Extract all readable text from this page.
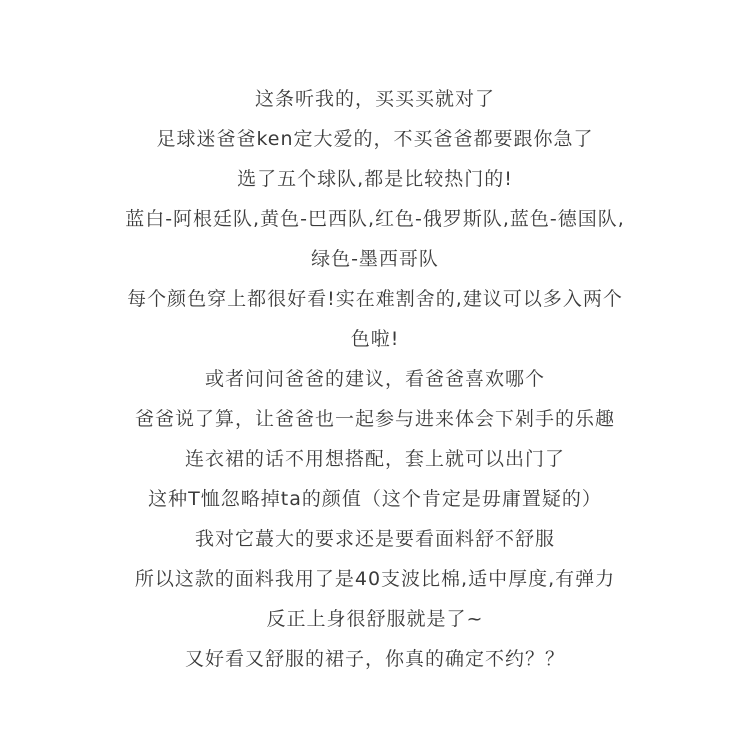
这条听我的，买买买就对了
足球迷爸爸ken定大爱的，不买爸爸都要跟你急了
选了五个球队,都是比较热门的!
蓝白-阿根廷队,黄色-巴西队,红色-俄罗斯队,蓝色-德国队,
绿色-墨西哥队
每个颜色穿上都很好看!实在难割舍的,建议可以多入两个
色啦!
或者问问爸爸的建议，看爸爸喜欢哪个
爸爸说了算，让爸爸也一起参与进来体会下剁手的乐趣
连衣裙的话不用想搭配，套上就可以出门了
这种T恤忽略掉ta的颜值（这个肯定是毋庸置疑的）
我对它蕞大的要求还是要看面料舒不舒服
所以这款的面料我用了是40支波比棉,适中厚度,有弹力
反正上身很舒服就是了~
又好看又舒服的裙子，你真的确定不约？？
